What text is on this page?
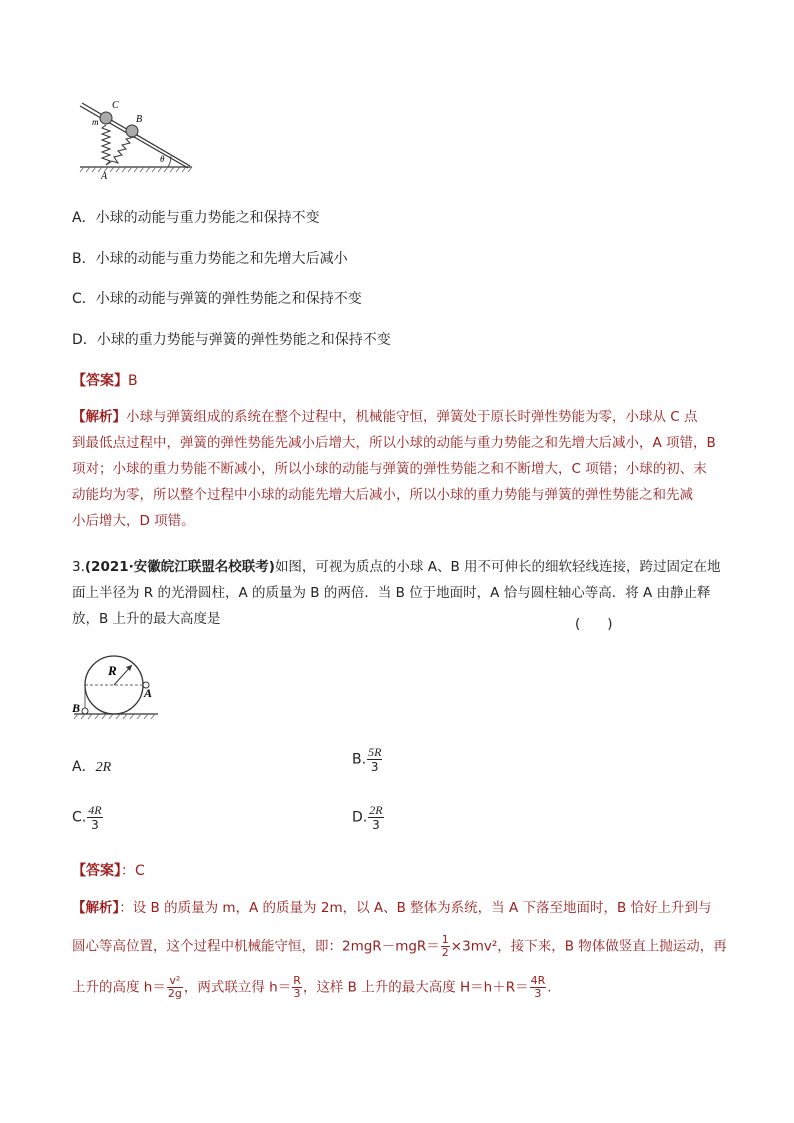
C
B
m
A
θ
A．小球的动能与重力势能之和保持不变
B．小球的动能与重力势能之和先增大后减小
C．小球的动能与弹簧的弹性势能之和保持不变
D．小球的重力势能与弹簧的弹性势能之和保持不变
【答案】B
【解析】小球与弹簧组成的系统在整个过程中，机械能守恒，弹簧处于原长时弹性势能为零，小球从 C 点
到最低点过程中，弹簧的弹性势能先减小后增大，所以小球的动能与重力势能之和先增大后减小，A 项错，B
项对；小球的重力势能不断减小，所以小球的动能与弹簧的弹性势能之和不断增大，C 项错；小球的初、末
动能均为零，所以整个过程中小球的动能先增大后减小，所以小球的重力势能与弹簧的弹性势能之和先减
小后增大，D 项错。
3.(2021·安徽皖江联盟名校联考)如图，可视为质点的小球 A、B 用不可伸长的细软轻线连接，跨过固定在地
面上半径为 R 的光滑圆柱，A 的质量为 B 的两倍．当 B 位于地面时，A 恰与圆柱轴心等高．将 A 由静止释
放，B 上升的最大高度是	(　　)
R
A
B
A．2R	B. $\frac{5R}{3}$
C. $\frac{4R}{3}$	D. $\frac{2R}{3}$
【答案】：C
【解析】：设 B 的质量为 m，A 的质量为 2m，以 A、B 整体为系统，当 A 下落至地面时，B 恰好上升到与
圆心等高位置，这个过程中机械能守恒，即：$2mgR-mgR= \frac{1}{2} \times 3mv^2$，接下来，B 物体做竖直上抛运动，再
上升的高度 $h= \frac{\text{v²}}{2g}$ ，两式联立得 $h= \frac{R}{3}$ ，这样 B 上升的最大高度 $H=h+R= \frac{4R}{3}$ .
